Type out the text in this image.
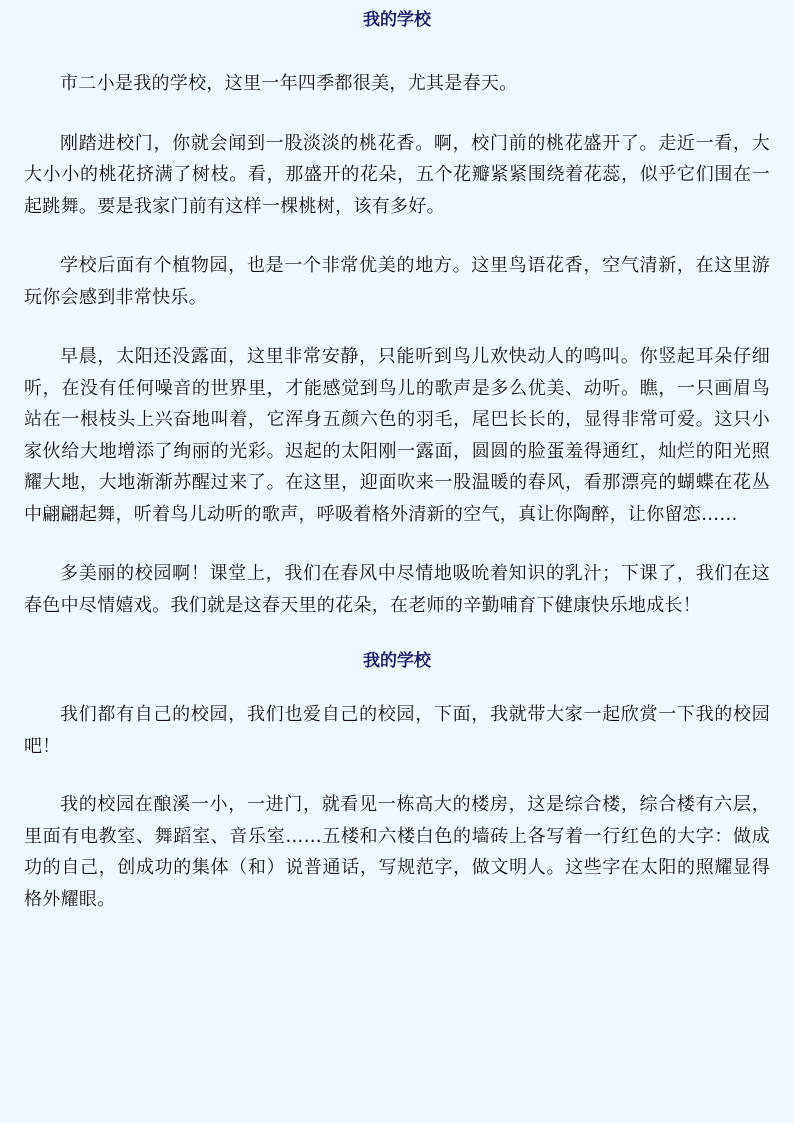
我的学校

市二小是我的学校，这里一年四季都很美，尤其是春天。

刚踏进校门，你就会闻到一股淡淡的桃花香。啊，校门前的桃花盛开了。走近一看，大大小小的桃花挤满了树枝。看，那盛开的花朵，五个花瓣紧紧围绕着花蕊，似乎它们围在一起跳舞。要是我家门前有这样一棵桃树，该有多好。

学校后面有个植物园，也是一个非常优美的地方。这里鸟语花香，空气清新，在这里游玩你会感到非常快乐。

早晨，太阳还没露面，这里非常安静，只能听到鸟儿欢快动人的鸣叫。你竖起耳朵仔细听，在没有任何噪音的世界里，才能感觉到鸟儿的歌声是多么优美、动听。瞧，一只画眉鸟站在一根枝头上兴奋地叫着，它浑身五颜六色的羽毛，尾巴长长的，显得非常可爱。这只小家伙给大地增添了绚丽的光彩。迟起的太阳刚一露面，圆圆的脸蛋羞得通红，灿烂的阳光照耀大地，大地渐渐苏醒过来了。在这里，迎面吹来一股温暖的春风，看那漂亮的蝴蝶在花丛中翩翩起舞，听着鸟儿动听的歌声，呼吸着格外清新的空气，真让你陶醉，让你留恋……

多美丽的校园啊！课堂上，我们在春风中尽情地吸吮着知识的乳汁；下课了，我们在这春色中尽情嬉戏。我们就是这春天里的花朵，在老师的辛勤哺育下健康快乐地成长！

我的学校

我们都有自己的校园，我们也爱自己的校园，下面，我就带大家一起欣赏一下我的校园吧！

我的校园在酿溪一小，一进门，就看见一栋高大的楼房，这是综合楼，综合楼有六层，里面有电教室、舞蹈室、音乐室……五楼和六楼白色的墙砖上各写着一行红色的大字：做成功的自己，创成功的集体（和）说普通话，写规范字，做文明人。这些字在太阳的照耀显得格外耀眼。
